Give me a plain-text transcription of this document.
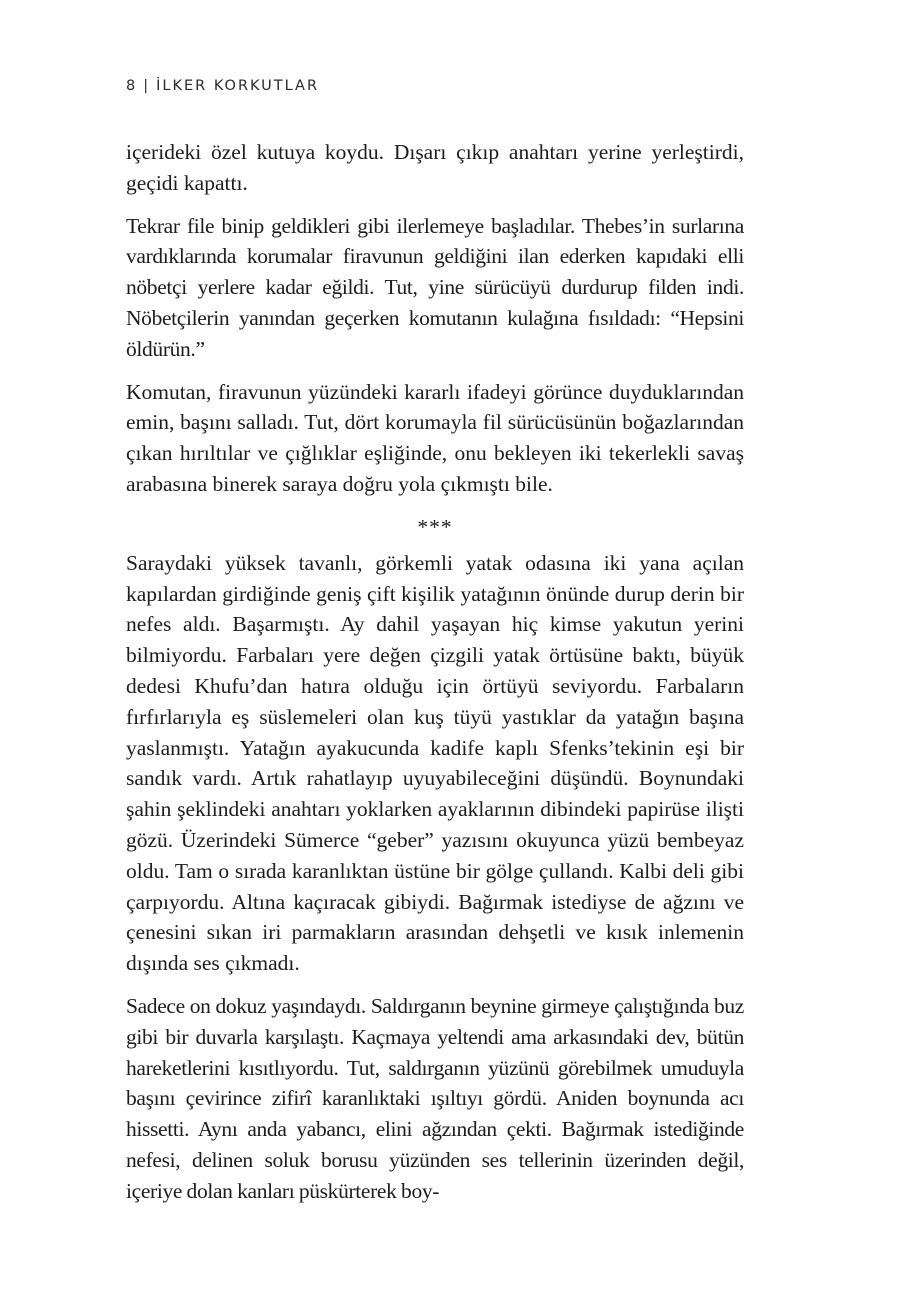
8 | İLKER KORKUTLAR

içerideki özel kutuya koydu. Dışarı çıkıp anahtarı yerine yerleştirdi, geçidi kapattı.

Tekrar file binip geldikleri gibi ilerlemeye başladılar. Thebes’in surlarına vardıklarında korumalar firavunun geldiğini ilan ederken kapıdaki elli nöbetçi yerlere kadar eğildi. Tut, yine sürücüyü durdurup filden indi. Nöbetçilerin yanından geçerken komutanın kulağına fısıldadı: “Hepsini öldürün.”

Komutan, firavunun yüzündeki kararlı ifadeyi görünce duyduklarından emin, başını salladı. Tut, dört korumayla fil sürücüsünün boğazlarından çıkan hırıltılar ve çığlıklar eşliğinde, onu bekleyen iki tekerlekli savaş arabasına binerek saraya doğru yola çıkmıştı bile.

***

Saraydaki yüksek tavanlı, görkemli yatak odasına iki yana açılan kapılardan girdiğinde geniş çift kişilik yatağının önünde durup derin bir nefes aldı. Başarmıştı. Ay dahil yaşayan hiç kimse yakutun yerini bilmiyordu. Farbaları yere değen çizgili yatak örtüsüne baktı, büyük dedesi Khufu’dan hatıra olduğu için örtüyü seviyordu. Farbaların fırfırlarıyla eş süslemeleri olan kuş tüyü yastıklar da yatağın başına yaslanmıştı. Yatağın ayakucunda kadife kaplı Sfenks’tekinin eşi bir sandık vardı. Artık rahatlayıp uyuyabileceğini düşündü. Boynundaki şahin şeklindeki anahtarı yoklarken ayaklarının dibindeki papirüse ilişti gözü. Üzerindeki Sümerce “geber” yazısını okuyunca yüzü bembeyaz oldu. Tam o sırada karanlıktan üstüne bir gölge çullandı. Kalbi deli gibi çarpıyordu. Altına kaçıracak gibiydi. Bağırmak istediyse de ağzını ve çenesini sıkan iri parmakların arasından dehşetli ve kısık inlemenin dışında ses çıkmadı.

Sadece on dokuz yaşındaydı. Saldırganın beynine girmeye çalıştığında buz gibi bir duvarla karşılaştı. Kaçmaya yeltendi ama arkasındaki dev, bütün hareketlerini kısıtlıyordu. Tut, saldırganın yüzünü görebilmek umuduyla başını çevirince zifirî karanlıktaki ışıltıyı gördü. Aniden boynunda acı hissetti. Aynı anda yabancı, elini ağzından çekti. Bağırmak istediğinde nefesi, delinen soluk borusu yüzünden ses tellerinin üzerinden değil, içeriye dolan kanları püskürterek boy-
